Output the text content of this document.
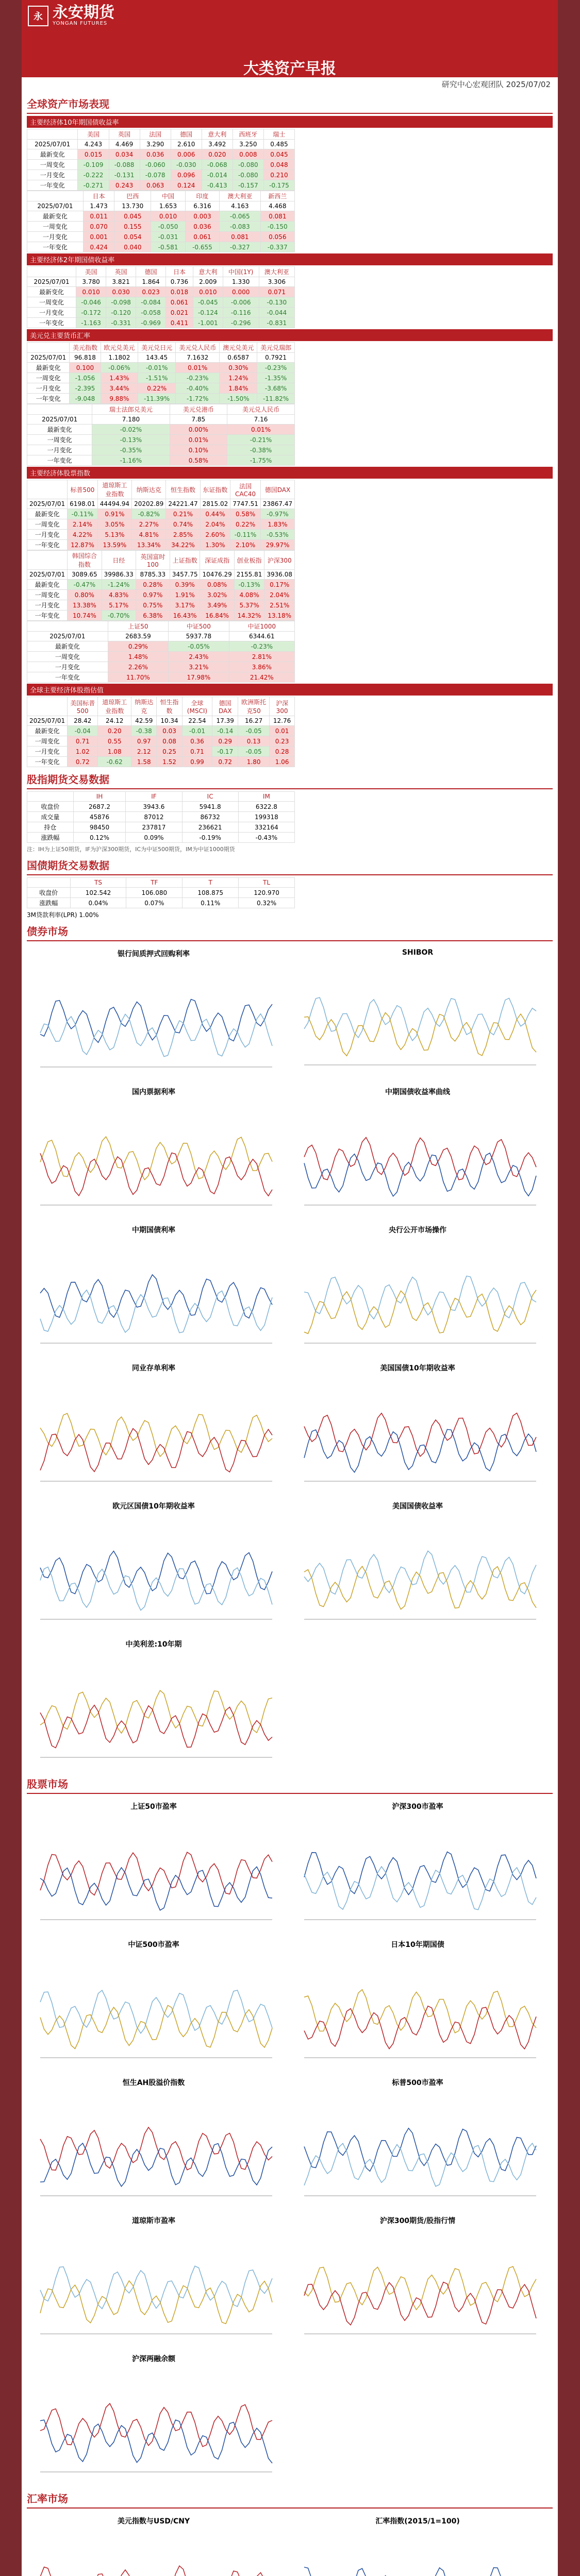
永 永安期货
YONGAN FUTURES
大类资产早报
研究中心宏观团队 2025/07/02
全球资产市场表现
主要经济体10年期国债收益率
	美国	英国	法国	德国	意大利	西班牙	瑞士
2025/07/01	4.243	4.469	3.290	2.610	3.492	3.250	0.485
最新变化	0.015	0.034	0.036	0.006	0.020	0.008	0.045
一周变化	-0.109	-0.088	-0.060	-0.030	-0.068	-0.080	0.048
一月变化	-0.222	-0.131	-0.078	0.096	-0.014	-0.080	0.210
一年变化	-0.271	0.243	0.063	0.124	-0.413	-0.157	-0.175
	日本	巴西	中国	印度	澳大利亚	新西兰
2025/07/01	1.473	13.730	1.653	6.316	4.163	4.468
最新变化	0.011	0.045	0.010	0.003	-0.065	0.081
一周变化	0.070	0.155	-0.050	0.036	-0.083	-0.150
一月变化	0.001	0.054	-0.031	0.061	0.081	0.056
一年变化	0.424	0.040	-0.581	-0.655	-0.327	-0.337
主要经济体2年期国债收益率
	美国	英国	德国	日本	意大利	中国(1Y)	澳大利亚
2025/07/01	3.780	3.821	1.864	0.736	2.009	1.330	3.306
最新变化	0.010	0.030	0.023	0.018	0.010	0.000	0.071
一周变化	-0.046	-0.098	-0.084	0.061	-0.045	-0.006	-0.130
一月变化	-0.172	-0.120	-0.058	0.021	-0.124	-0.116	-0.044
一年变化	-1.163	-0.331	-0.969	0.411	-1.001	-0.296	-0.831
美元兑主要货币汇率
	美元指数	欧元兑美元	美元兑日元	美元兑人民币	澳元兑美元	美元兑瑞郎
2025/07/01	96.818	1.1802	143.45	7.1632	0.6587	0.7921
最新变化	0.100	-0.06%	-0.01%	0.01%	0.30%	-0.23%
一周变化	-1.056	1.43%	-1.51%	-0.23%	1.24%	-1.35%
一月变化	-2.395	3.44%	0.22%	-0.40%	1.84%	-3.68%
一年变化	-9.048	9.88%	-11.39%	-1.72%	-1.50%	-11.82%
	瑞士法郎兑美元	美元兑港币	美元兑人民币
2025/07/01	7.180	7.85	7.16
最新变化	-0.02%	0.00%	0.01%
一周变化	-0.13%	0.01%	-0.21%
一月变化	-0.35%	0.10%	-0.38%
一年变化	-1.16%	0.58%	-1.75%
主要经济体股票指数
	标普500	道琼斯工业指数	纳斯达克	恒生指数	东证指数	法国CAC40	德国DAX
2025/07/01	6198.01	44494.94	20202.89	24221.47	2815.02	7747.51	23867.47
最新变化	-0.11%	0.91%	-0.82%	0.21%	0.44%	0.58%	-0.97%
一周变化	2.14%	3.05%	2.27%	0.74%	2.04%	0.22%	1.83%
一月变化	4.22%	5.13%	4.81%	2.85%	2.60%	-0.11%	-0.53%
一年变化	12.87%	13.59%	13.34%	34.22%	1.30%	2.10%	29.97%
	韩国综合指数	日经	英国富时100	上证指数	深证成指	创业板指	沪深300
2025/07/01	3089.65	39986.33	8785.33	3457.75	10476.29	2155.81	3936.08
最新变化	-0.47%	-1.24%	0.28%	0.39%	0.08%	-0.13%	0.17%
一周变化	0.80%	4.83%	0.97%	1.91%	3.02%	4.08%	2.04%
一月变化	13.38%	5.17%	0.75%	3.17%	3.49%	5.37%	2.51%
一年变化	10.74%	-0.70%	6.38%	16.43%	16.84%	14.32%	13.18%
	上证50	中证500	中证1000
2025/07/01	2683.59	5937.78	6344.61
最新变化	0.29%	-0.05%	-0.23%
一周变化	1.48%	2.43%	2.81%
一月变化	2.26%	3.21%	3.86%
一年变化	11.70%	17.98%	21.42%
全球主要经济体股指估值
	美国标普500	道琼斯工业指数	纳斯达克	恒生指数	全球(MSCI)	德国DAX	欧洲斯托克50	沪深300
2025/07/01	28.42	24.12	42.59	10.34	22.54	17.39	16.27	12.76
最新变化	-0.04	0.20	-0.38	0.03	-0.01	-0.14	-0.05	0.01
一周变化	0.71	0.55	0.97	0.08	0.36	0.29	0.13	0.23
一月变化	1.02	1.08	2.12	0.25	0.71	-0.17	-0.05	0.28
一年变化	0.72	-0.62	1.58	1.52	0.99	0.72	1.80	1.06
股指期货交易数据
	IH	IF	IC	IM
收盘价	2687.2	3943.6	5941.8	6322.8
成交量	45876	87012	86732	199318
持仓	98450	237817	236621	332164
涨跌幅	0.12%	0.09%	-0.19%	-0.43%
注：IH为上证50期货，IF为沪深300期货，IC为中证500期货，IM为中证1000期货
国债期货交易数据
	TS	TF	T	TL
收盘价	102.542	106.080	108.875	120.970
涨跌幅	0.04%	0.07%	0.11%	0.32%
3M贷款利率(LPR) 1.00%
债券市场
银行间质押式回购利率	SHIBOR
国内票据利率	中期国债收益率曲线
中期国债利率	央行公开市场操作
同业存单利率	美国国债10年期收益率
欧元区国债10年期收益率	美国国债收益率
中美利差:10年期
股票市场
上证50市盈率	沪深300市盈率
中证500市盈率	日本10年期国债
恒生AH股溢价指数	标普500市盈率
道琼斯市盈率	沪深300期货/股指行情
沪深两融余额
汇率市场
美元指数与USD/CNY	汇率指数(2015/1=100)
